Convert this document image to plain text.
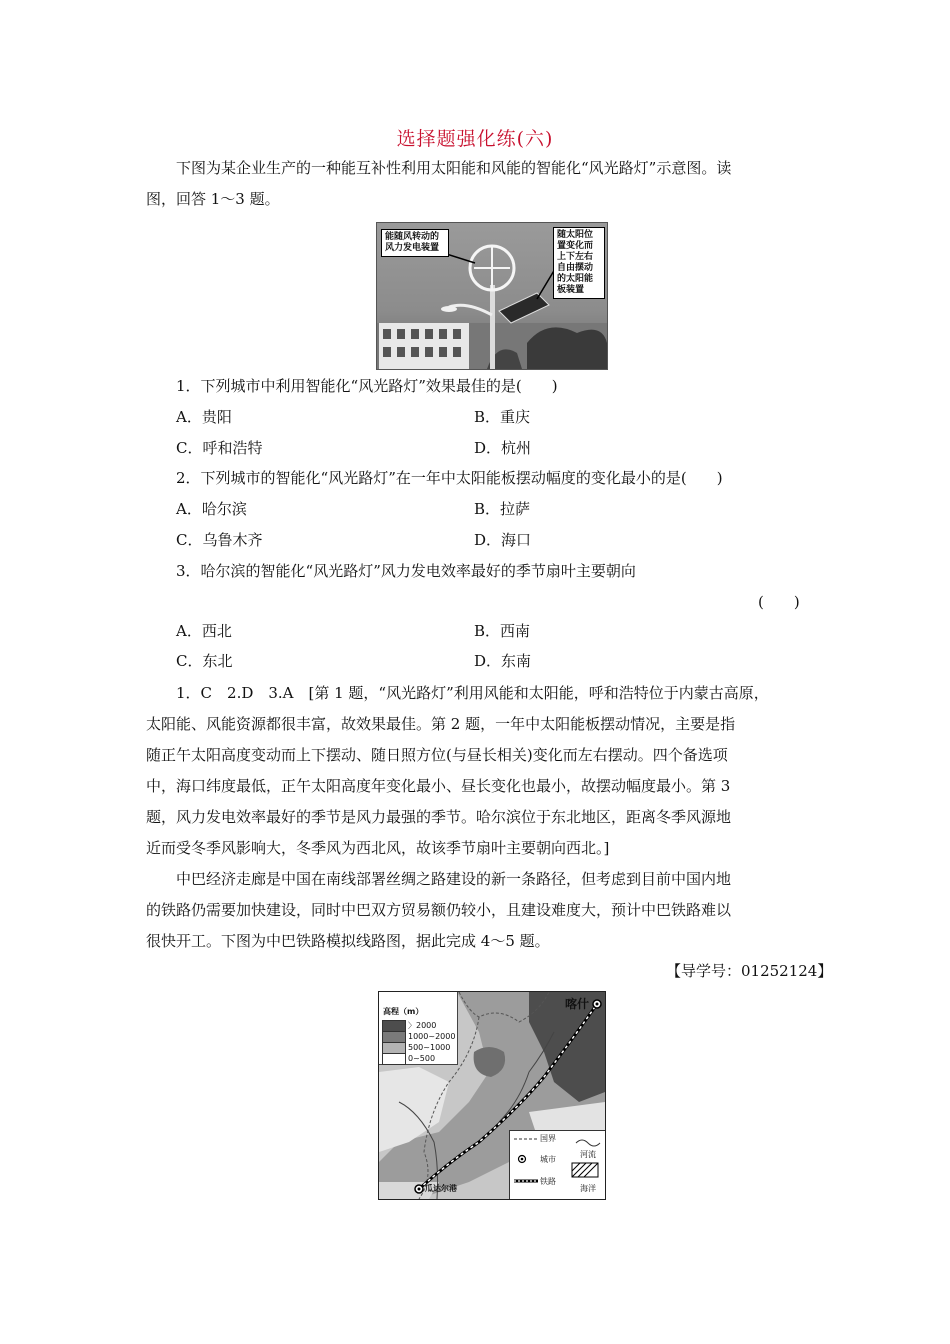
选择题强化练(六)
下图为某企业生产的一种能互补性利用太阳能和风能的智能化“风光路灯”示意图。读
图，回答 1～3 题。
能随风转动的风力发电装置
随太阳位置变化而上下左右自由摆动的太阳能板装置
1．下列城市中利用智能化“风光路灯”效果最佳的是(　　)
A．贵阳	B．重庆
C．呼和浩特	D．杭州
2．下列城市的智能化“风光路灯”在一年中太阳能板摆动幅度的变化最小的是(　　)
A．哈尔滨	B．拉萨
C．乌鲁木齐	D．海口
3．哈尔滨的智能化“风光路灯”风力发电效率最好的季节扇叶主要朝向
(　　)
A．西北	B．西南
C．东北	D．东南
1．C　2.D　3.A　[第 1 题，“风光路灯”利用风能和太阳能，呼和浩特位于内蒙古高原，
太阳能、风能资源都很丰富，故效果最佳。第 2 题，一年中太阳能板摆动情况，主要是指
随正午太阳高度变动而上下摆动、随日照方位(与昼长相关)变化而左右摆动。四个备选项
中，海口纬度最低，正午太阳高度年变化最小、昼长变化也最小，故摆动幅度最小。第 3
题，风力发电效率最好的季节是风力最强的季节。哈尔滨位于东北地区，距离冬季风源地
近而受冬季风影响大，冬季风为西北风，故该季节扇叶主要朝向西北。]
中巴经济走廊是中国在南线部署丝绸之路建设的新一条路径，但考虑到目前中国内地
的铁路仍需要加快建设，同时中巴双方贸易额仍较小，且建设难度大，预计中巴铁路难以
很快开工。下图为中巴铁路模拟线路图，据此完成 4～5 题。
【导学号：01252124】
高程（m）
〉2000
1000~2000
500~1000
0~500
喀什
瓜达尔港
国界
河流
城市
铁路
海洋
